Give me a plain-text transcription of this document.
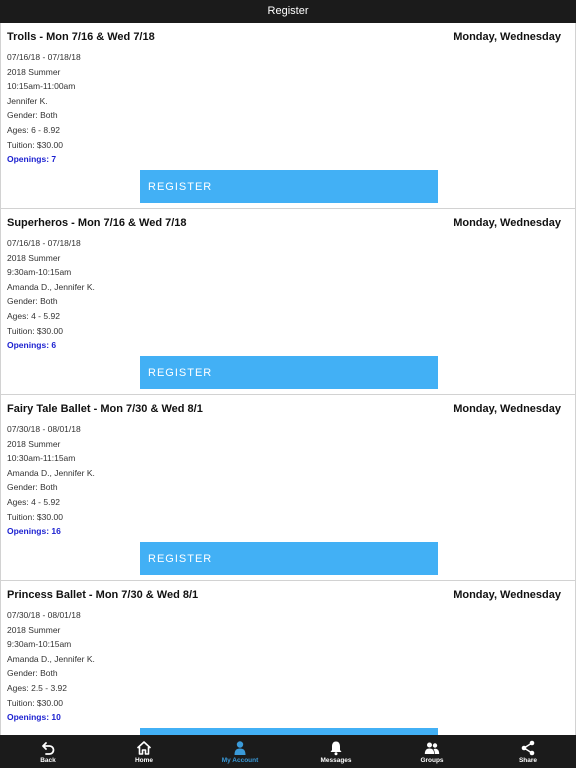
Register
Trolls - Mon 7/16 & Wed 7/18	Monday, Wednesday
07/16/18 - 07/18/18
2018 Summer
10:15am-11:00am
Jennifer K.
Gender: Both
Ages: 6 - 8.92
Tuition: $30.00
Openings: 7
REGISTER
Superheros - Mon 7/16 & Wed 7/18	Monday, Wednesday
07/16/18 - 07/18/18
2018 Summer
9:30am-10:15am
Amanda D., Jennifer K.
Gender: Both
Ages: 4 - 5.92
Tuition: $30.00
Openings: 6
REGISTER
Fairy Tale Ballet - Mon 7/30 & Wed 8/1	Monday, Wednesday
07/30/18 - 08/01/18
2018 Summer
10:30am-11:15am
Amanda D., Jennifer K.
Gender: Both
Ages: 4 - 5.92
Tuition: $30.00
Openings: 16
REGISTER
Princess Ballet - Mon 7/30 & Wed 8/1	Monday, Wednesday
07/30/18 - 08/01/18
2018 Summer
9:30am-10:15am
Amanda D., Jennifer K.
Gender: Both
Ages: 2.5 - 3.92
Tuition: $30.00
Openings: 10
Back	Home	My Account	Messages	Groups	Share
